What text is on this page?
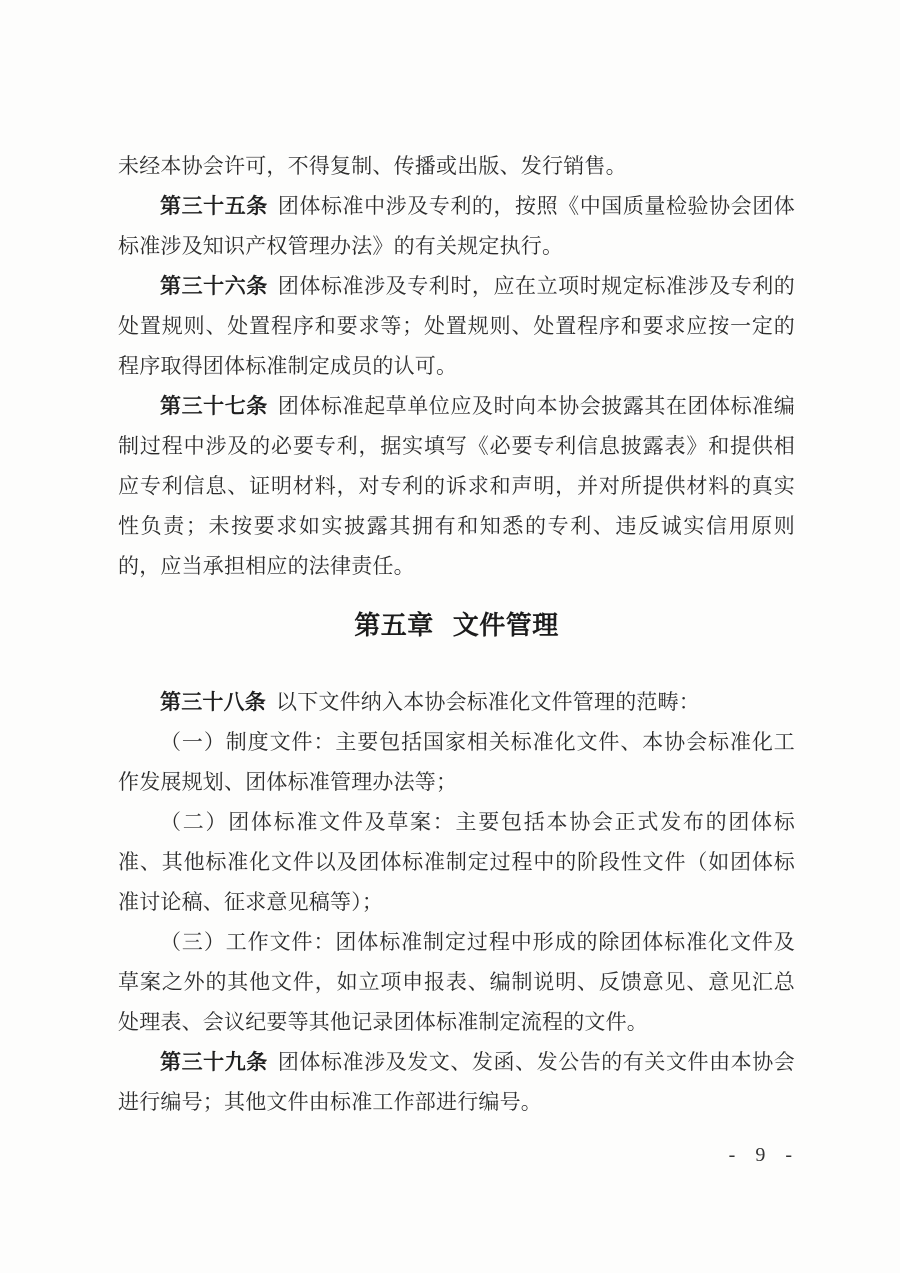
未经本协会许可，不得复制、传播或出版、发行销售。

第三十五条 团体标准中涉及专利的，按照《中国质量检验协会团体标准涉及知识产权管理办法》的有关规定执行。

第三十六条 团体标准涉及专利时，应在立项时规定标准涉及专利的处置规则、处置程序和要求等；处置规则、处置程序和要求应按一定的程序取得团体标准制定成员的认可。

第三十七条 团体标准起草单位应及时向本协会披露其在团体标准编制过程中涉及的必要专利，据实填写《必要专利信息披露表》和提供相应专利信息、证明材料，对专利的诉求和声明，并对所提供材料的真实性负责；未按要求如实披露其拥有和知悉的专利、违反诚实信用原则的，应当承担相应的法律责任。

第五章 文件管理

第三十八条 以下文件纳入本协会标准化文件管理的范畴：

（一）制度文件：主要包括国家相关标准化文件、本协会标准化工作发展规划、团体标准管理办法等；

（二）团体标准文件及草案：主要包括本协会正式发布的团体标准、其他标准化文件以及团体标准制定过程中的阶段性文件（如团体标准讨论稿、征求意见稿等）；

（三）工作文件：团体标准制定过程中形成的除团体标准化文件及草案之外的其他文件，如立项申报表、编制说明、反馈意见、意见汇总处理表、会议纪要等其他记录团体标准制定流程的文件。

第三十九条 团体标准涉及发文、发函、发公告的有关文件由本协会进行编号；其他文件由标准工作部进行编号。

- 9 -
